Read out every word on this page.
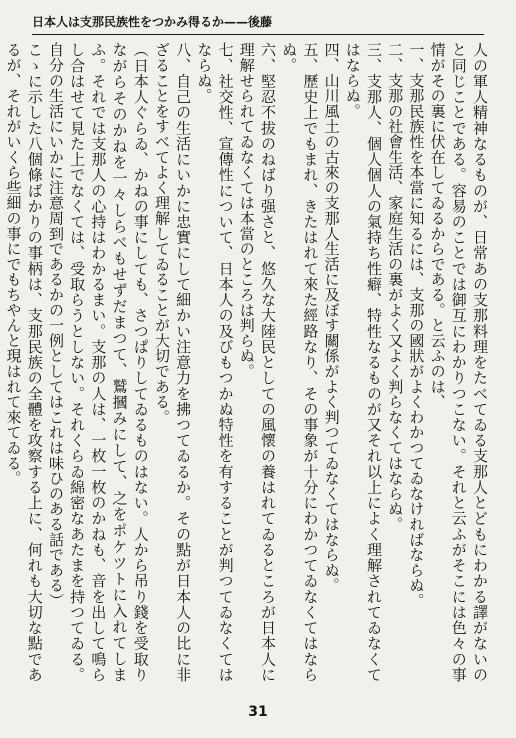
日本人は支那民族性をつかみ得るか——後藤

人の軍人精神なるものが、日常あの支那料理をたべてゐる支那人とどもにわかる譯がないのと同じことである。容易のことでは御互にわかりつこない。それと云ふがそこには色々の事情がその裏に伏在してゐるからである。と云ふのは、

一、支那民族性を本當に知るには、支那の國狀がよくわかつてゐなければならぬ。

二、支那の社會生活、家庭生活の裏がよく又よく判らなくてはならぬ。

三、支那人、個人個人の氣持ち性癖、特性なるものが又それ以上によく理解されてゐなくてはならぬ。

四、山川風土の古來の支那人生活に及ぼす關係がよく判つてゐなくてはならぬ。

五、歷史上でもまれ、きたはれて來た經路なり、その事象が十分にわかつてゐなくてはならぬ。

六、堅忍不拔のねばり强さと、悠久な大陸民としての風懷の養はれてゐるところが日本人に理解せられてゐなくては本當のところは判らぬ。

七、社交性、宣傳性について、日本人の及びもつかぬ特性を有することが判つてゐなくてはならぬ。

八、自己の生活にいかに忠實にして細かい注意力を拂つてゐるか。その點が日本人の比に非ざることをすべてよく理解してゐることが大切である。

（日本人ぐらゐ、かねの事にしても、さつぱりしてゐるものはない。人から吊り錢を受取りながらそのかねを一々しらべもせずだまつて、鷲摑みにして、之をポケツトに入れてしまふ。それでは支那人の心持はわかるまい。支那の人は、一枚一枚のかねも、音を出して鳴らし合はせて見た上でなくては、受取らうとしない。それくらゐ綿密なあたまを持つてゐる。自分の生活にいかに注意周到であるかの一例としてはこれは味ひのある話である）

こゝに示した八個條ばかりの事柄は、支那民族の全體を攻察する上に、何れも大切な點であるが、それがいくら些細の事にでもちやんと現はれて來てゐる。

31
